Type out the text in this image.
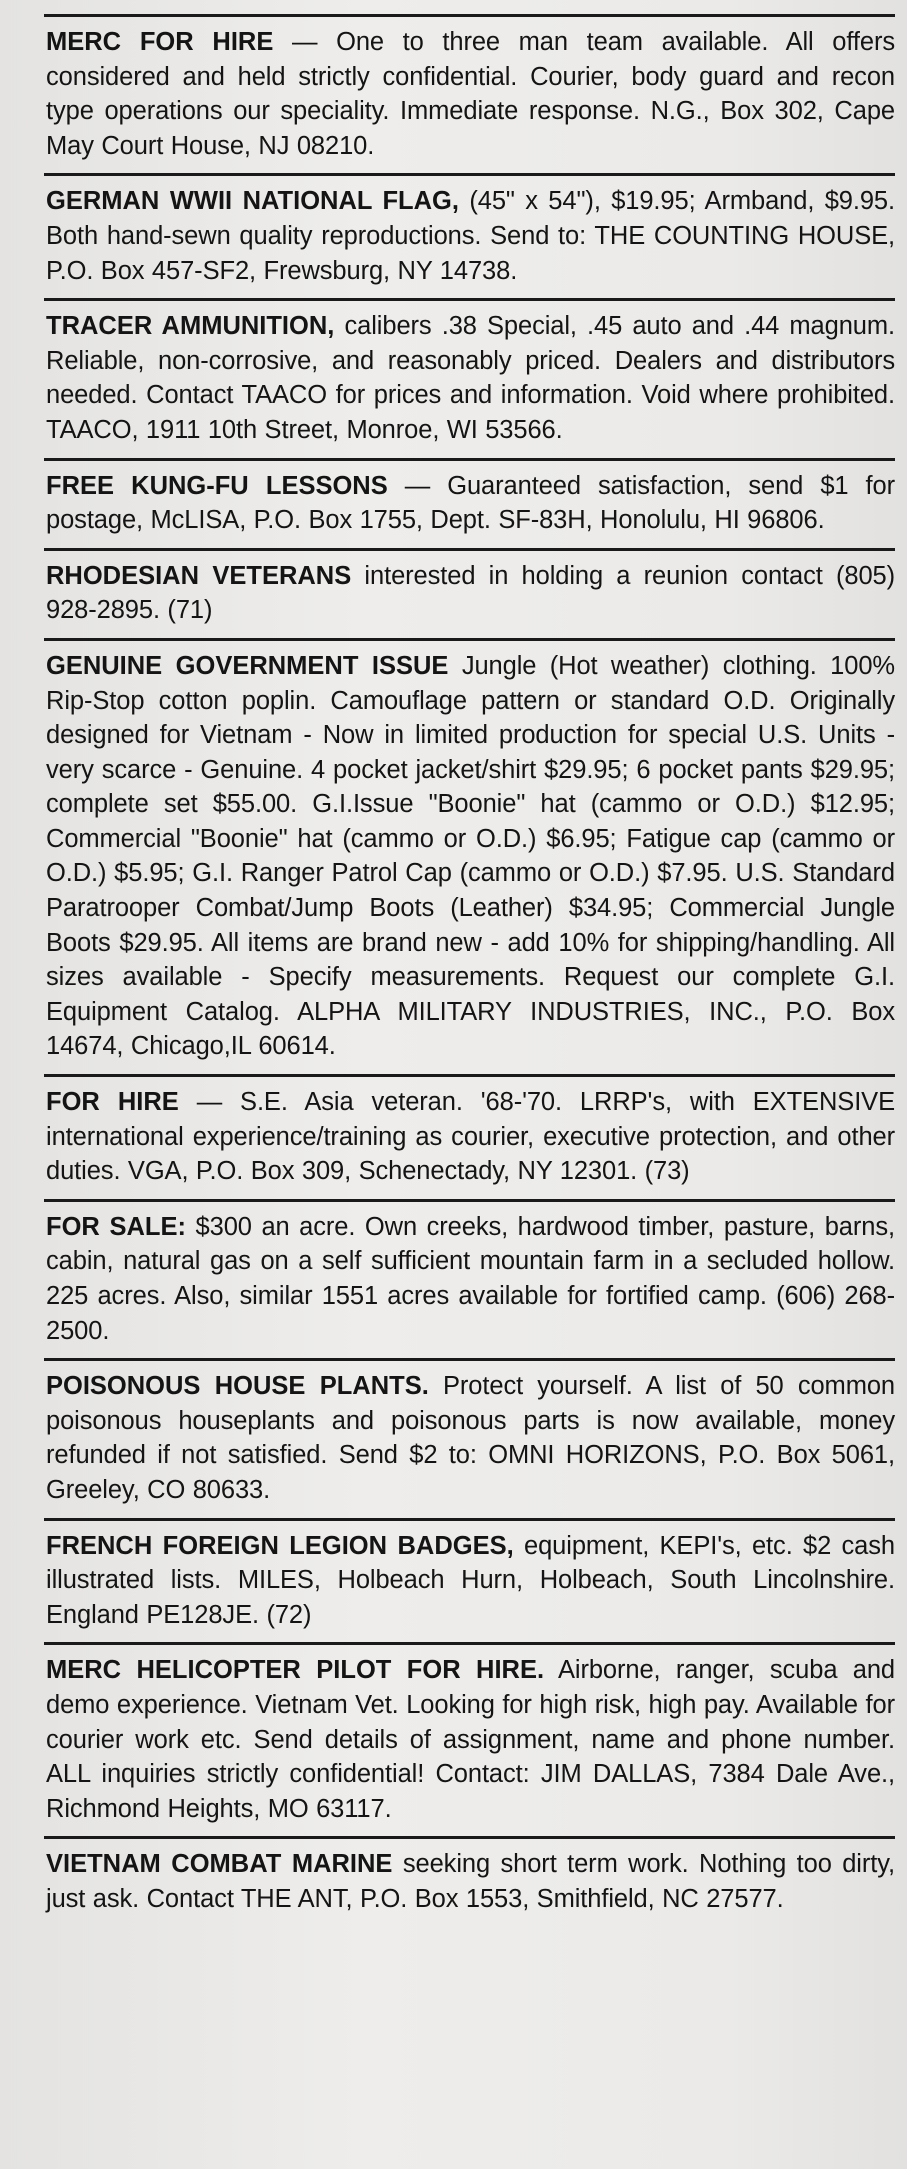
MERC FOR HIRE — One to three man team available. All offers considered and held strictly confidential. Courier, body guard and recon type operations our speciality. Immediate response. N.G., Box 302, Cape May Court House, NJ 08210.

GERMAN WWII NATIONAL FLAG, (45" x 54"), $19.95; Armband, $9.95. Both hand-sewn quality reproductions. Send to: THE COUNTING HOUSE, P.O. Box 457-SF2, Frewsburg, NY 14738.

TRACER AMMUNITION, calibers .38 Special, .45 auto and .44 magnum. Reliable, non-corrosive, and reasonably priced. Dealers and distributors needed. Contact TAACO for prices and information. Void where prohibited. TAACO, 1911 10th Street, Monroe, WI 53566.

FREE KUNG-FU LESSONS — Guaranteed satisfaction, send $1 for postage, McLISA, P.O. Box 1755, Dept. SF-83H, Honolulu, HI 96806.

RHODESIAN VETERANS interested in holding a reunion contact (805) 928-2895. (71)

GENUINE GOVERNMENT ISSUE Jungle (Hot weather) clothing. 100% Rip-Stop cotton poplin. Camouflage pattern or standard O.D. Originally designed for Vietnam - Now in limited production for special U.S. Units - very scarce - Genuine. 4 pocket jacket/shirt $29.95; 6 pocket pants $29.95; complete set $55.00. G.I.Issue "Boonie" hat (cammo or O.D.) $12.95; Commercial "Boonie" hat (cammo or O.D.) $6.95; Fatigue cap (cammo or O.D.) $5.95; G.I. Ranger Patrol Cap (cammo or O.D.) $7.95. U.S. Standard Paratrooper Combat/Jump Boots (Leather) $34.95; Commercial Jungle Boots $29.95. All items are brand new - add 10% for shipping/handling. All sizes available - Specify measurements. Request our complete G.I. Equipment Catalog. ALPHA MILITARY INDUSTRIES, INC., P.O. Box 14674, Chicago,IL 60614.

FOR HIRE — S.E. Asia veteran. '68-'70. LRRP's, with EXTENSIVE international experience/training as courier, executive protection, and other duties. VGA, P.O. Box 309, Schenectady, NY 12301. (73)

FOR SALE: $300 an acre. Own creeks, hardwood timber, pasture, barns, cabin, natural gas on a self sufficient mountain farm in a secluded hollow. 225 acres. Also, similar 1551 acres available for fortified camp. (606) 268-2500.

POISONOUS HOUSE PLANTS. Protect yourself. A list of 50 common poisonous houseplants and poisonous parts is now available, money refunded if not satisfied. Send $2 to: OMNI HORIZONS, P.O. Box 5061, Greeley, CO 80633.

FRENCH FOREIGN LEGION BADGES, equipment, KEPI's, etc. $2 cash illustrated lists. MILES, Holbeach Hurn, Holbeach, South Lincolnshire. England PE128JE. (72)

MERC HELICOPTER PILOT FOR HIRE. Airborne, ranger, scuba and demo experience. Vietnam Vet. Looking for high risk, high pay. Available for courier work etc. Send details of assignment, name and phone number. ALL inquiries strictly confidential! Contact: JIM DALLAS, 7384 Dale Ave., Richmond Heights, MO 63117.

VIETNAM COMBAT MARINE seeking short term work. Nothing too dirty, just ask. Contact THE ANT, P.O. Box 1553, Smithfield, NC 27577.
